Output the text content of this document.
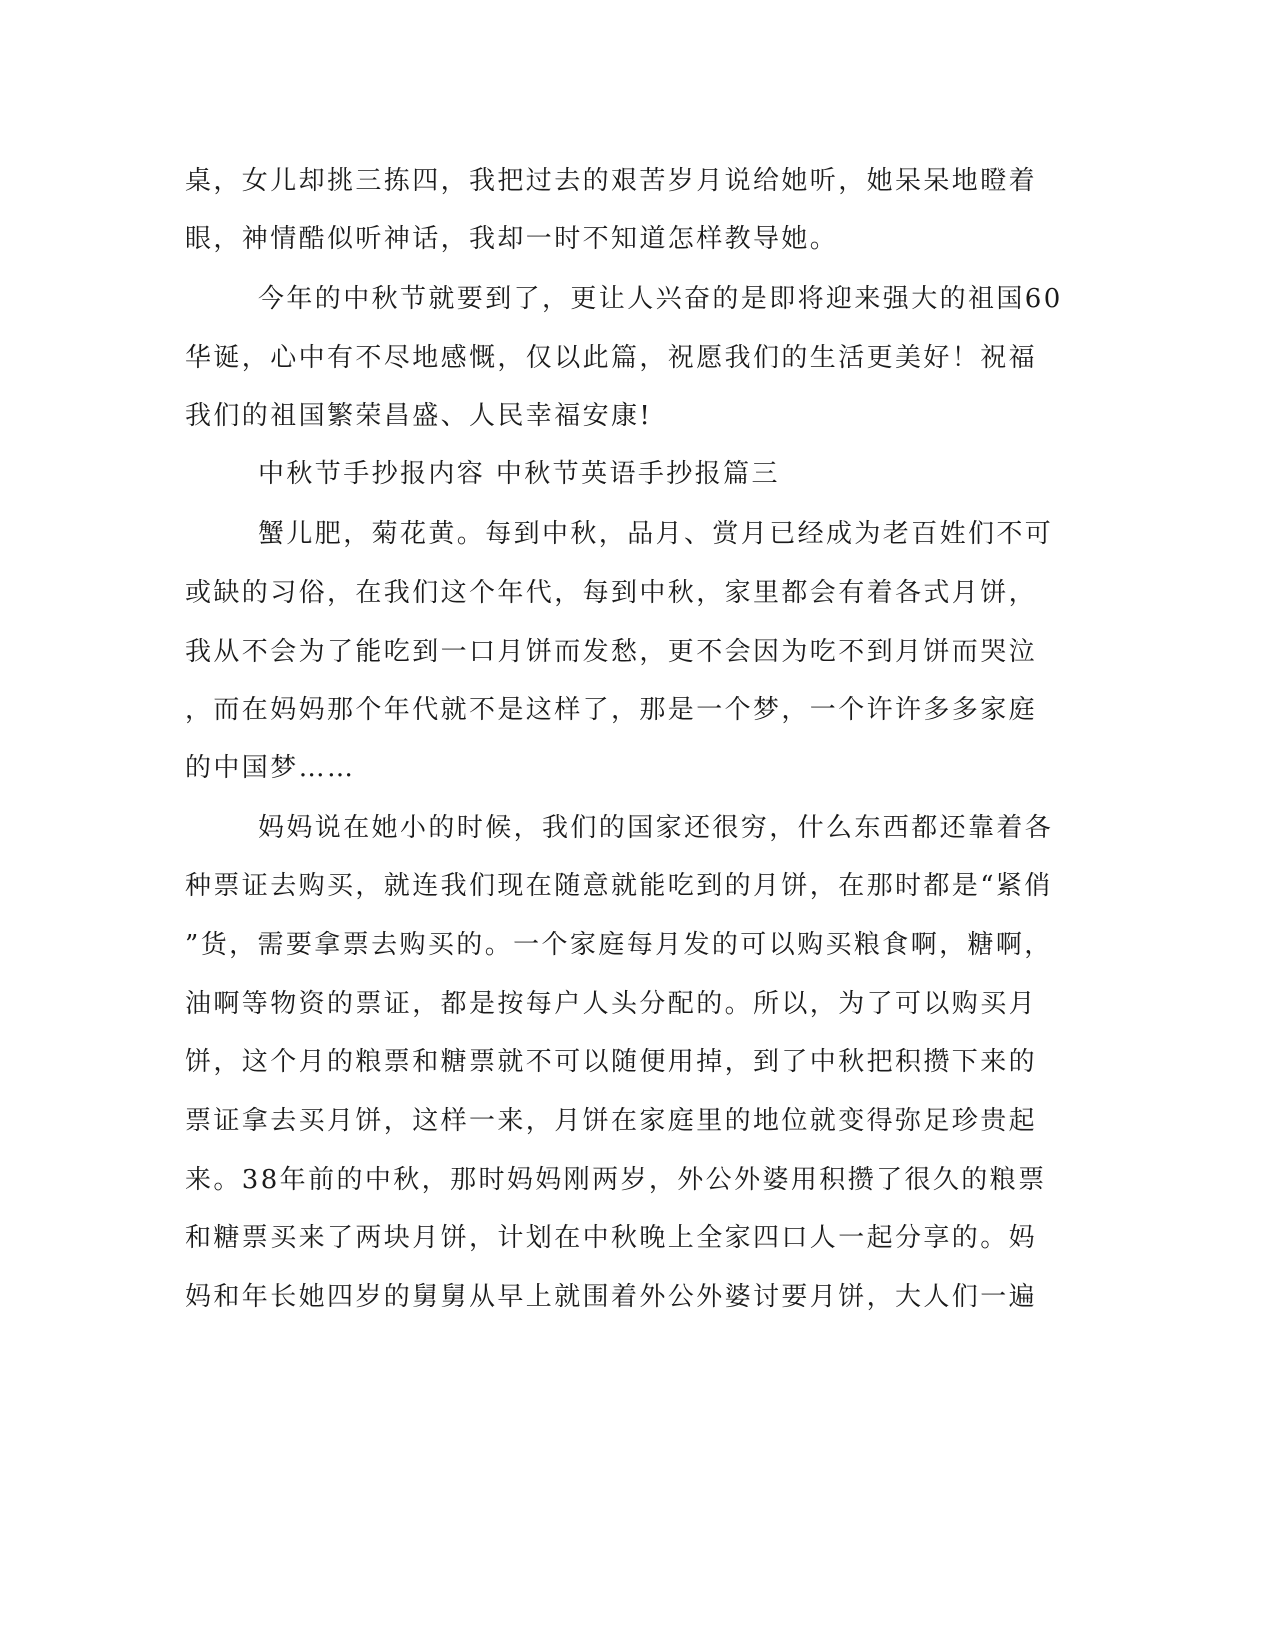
桌，女儿却挑三拣四，我把过去的艰苦岁月说给她听，她呆呆地瞪着
眼，神情酷似听神话，我却一时不知道怎样教导她。
今年的中秋节就要到了，更让人兴奋的是即将迎来强大的祖国60
华诞，心中有不尽地感慨，仅以此篇，祝愿我们的生活更美好！祝福
我们的祖国繁荣昌盛、人民幸福安康!
中秋节手抄报内容 中秋节英语手抄报篇三
蟹儿肥，菊花黄。每到中秋，品月、赏月已经成为老百姓们不可
或缺的习俗，在我们这个年代，每到中秋，家里都会有着各式月饼，
我从不会为了能吃到一口月饼而发愁，更不会因为吃不到月饼而哭泣
，而在妈妈那个年代就不是这样了，那是一个梦，一个许许多多家庭
的中国梦……
妈妈说在她小的时候，我们的国家还很穷，什么东西都还靠着各
种票证去购买，就连我们现在随意就能吃到的月饼，在那时都是“紧俏
”货，需要拿票去购买的。一个家庭每月发的可以购买粮食啊，糖啊，
油啊等物资的票证，都是按每户人头分配的。所以，为了可以购买月
饼，这个月的粮票和糖票就不可以随便用掉，到了中秋把积攒下来的
票证拿去买月饼，这样一来，月饼在家庭里的地位就变得弥足珍贵起
来。38年前的中秋，那时妈妈刚两岁，外公外婆用积攒了很久的粮票
和糖票买来了两块月饼，计划在中秋晚上全家四口人一起分享的。妈
妈和年长她四岁的舅舅从早上就围着外公外婆讨要月饼，大人们一遍
